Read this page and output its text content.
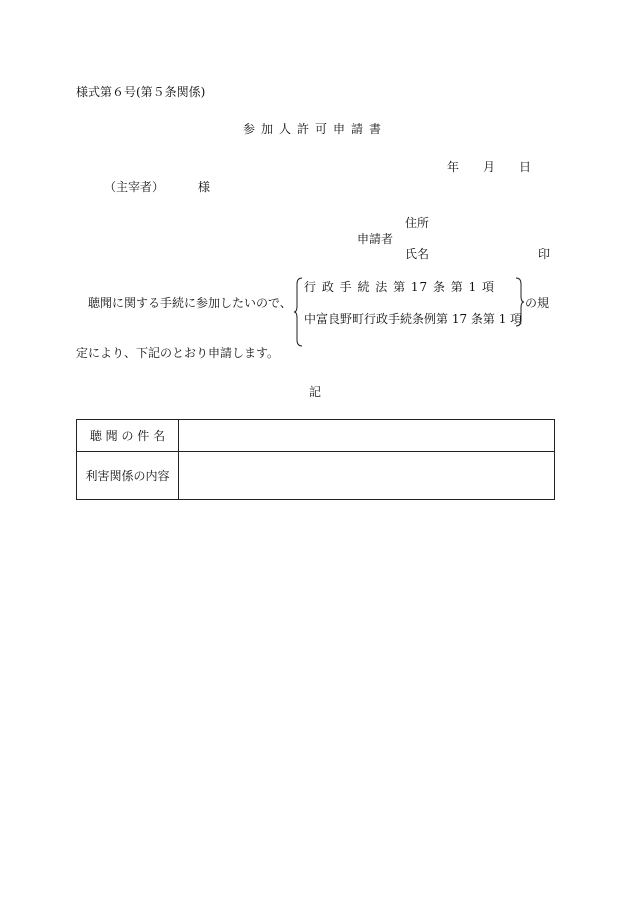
様式第６号(第５条関係)
参加人許可申請書
年 月 日
（主宰者）	様
住所
申請者
氏名	印
聴聞に関する手続に参加したいので、
行 政 手 続 法 第 17 条 第 1 項
中富良野町行政手続条例第 17 条第 1 項
の規
定により、下記のとおり申請します。
記
聴 聞 の 件 名	
利害関係の内容	
